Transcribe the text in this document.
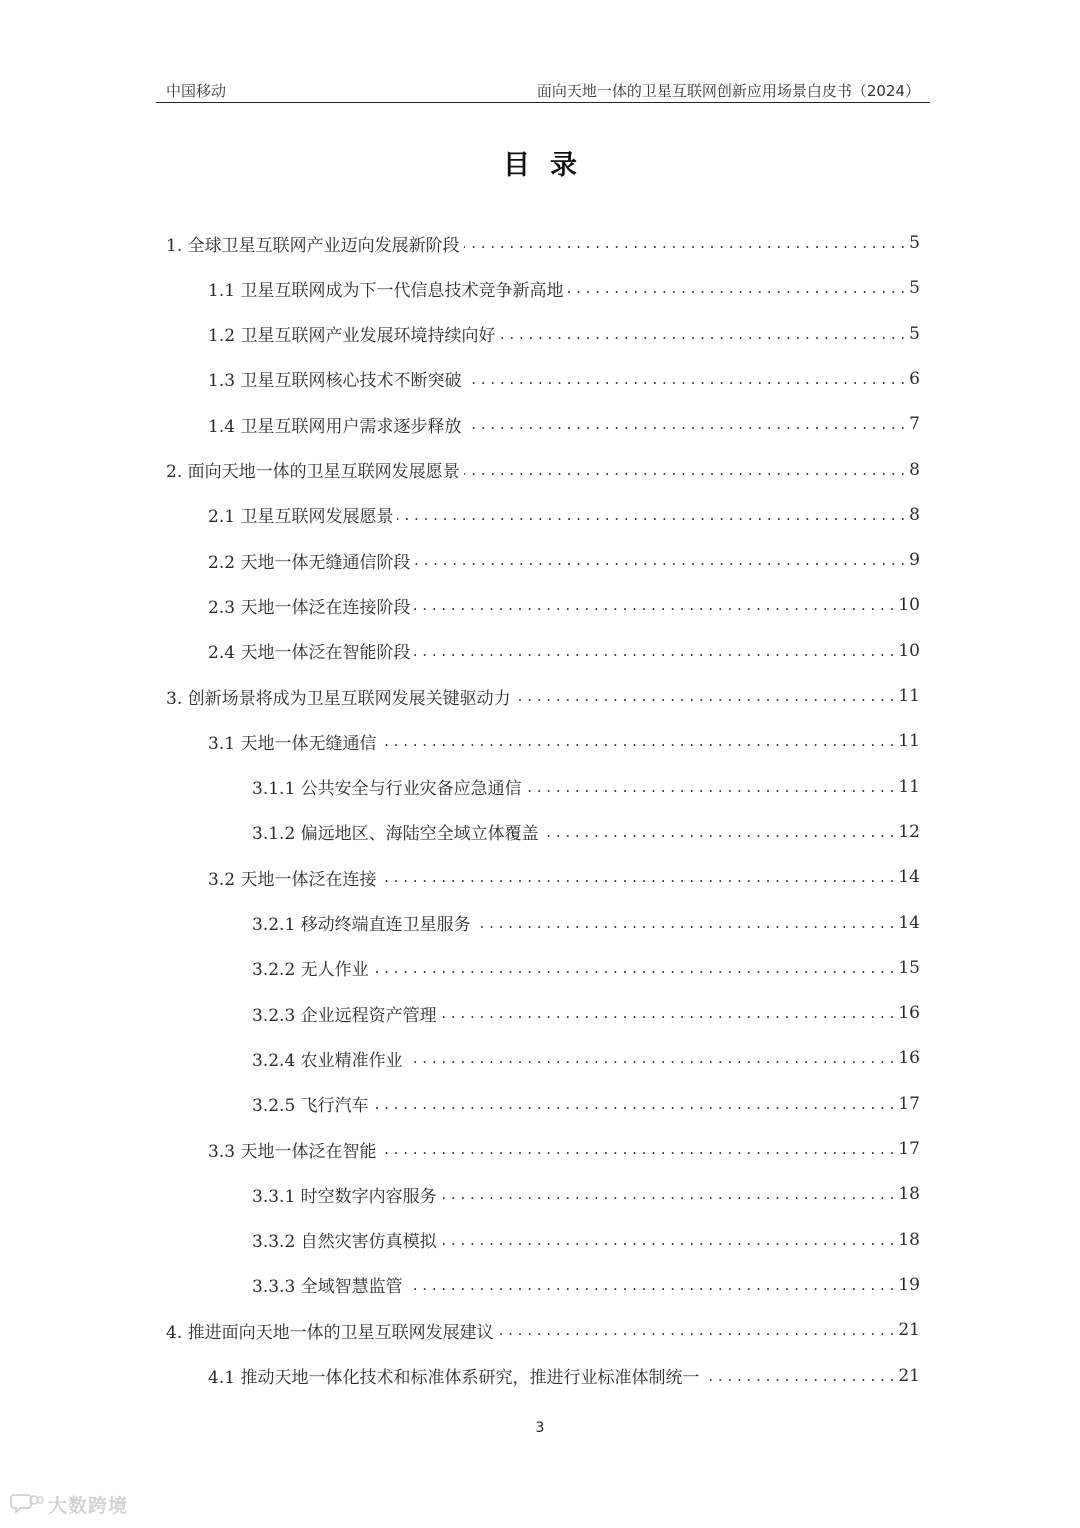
中国移动	面向天地一体的卫星互联网创新应用场景白皮书（2024）
目录
1. 全球卫星互联网产业迈向发展新阶段 . . .	5
1.1 卫星互联网成为下一代信息技术竞争新高地 . . .	5
1.2 卫星互联网产业发展环境持续向好 . . .	5
1.3 卫星互联网核心技术不断突破 . . .	6
1.4 卫星互联网用户需求逐步释放 . . .	7
2. 面向天地一体的卫星互联网发展愿景 . . .	8
2.1 卫星互联网发展愿景 . . .	8
2.2 天地一体无缝通信阶段 . . .	9
2.3 天地一体泛在连接阶段 . . .	10
2.4 天地一体泛在智能阶段 . . .	10
3. 创新场景将成为卫星互联网发展关键驱动力 . . .	11
3.1 天地一体无缝通信 . . .	11
3.1.1 公共安全与行业灾备应急通信 . . .	11
3.1.2 偏远地区、海陆空全域立体覆盖 . . .	12
3.2 天地一体泛在连接 . . .	14
3.2.1 移动终端直连卫星服务 . . .	14
3.2.2 无人作业 . . .	15
3.2.3 企业远程资产管理 . . .	16
3.2.4 农业精准作业 . . .	16
3.2.5 飞行汽车 . . .	17
3.3 天地一体泛在智能 . . .	17
3.3.1 时空数字内容服务 . . .	18
3.3.2 自然灾害仿真模拟 . . .	18
3.3.3 全域智慧监管 . . .	19
4. 推进面向天地一体的卫星互联网发展建议 . . .	21
4.1 推动天地一体化技术和标准体系研究，推进行业标准体制统一 . . .	21
3
大数跨境
